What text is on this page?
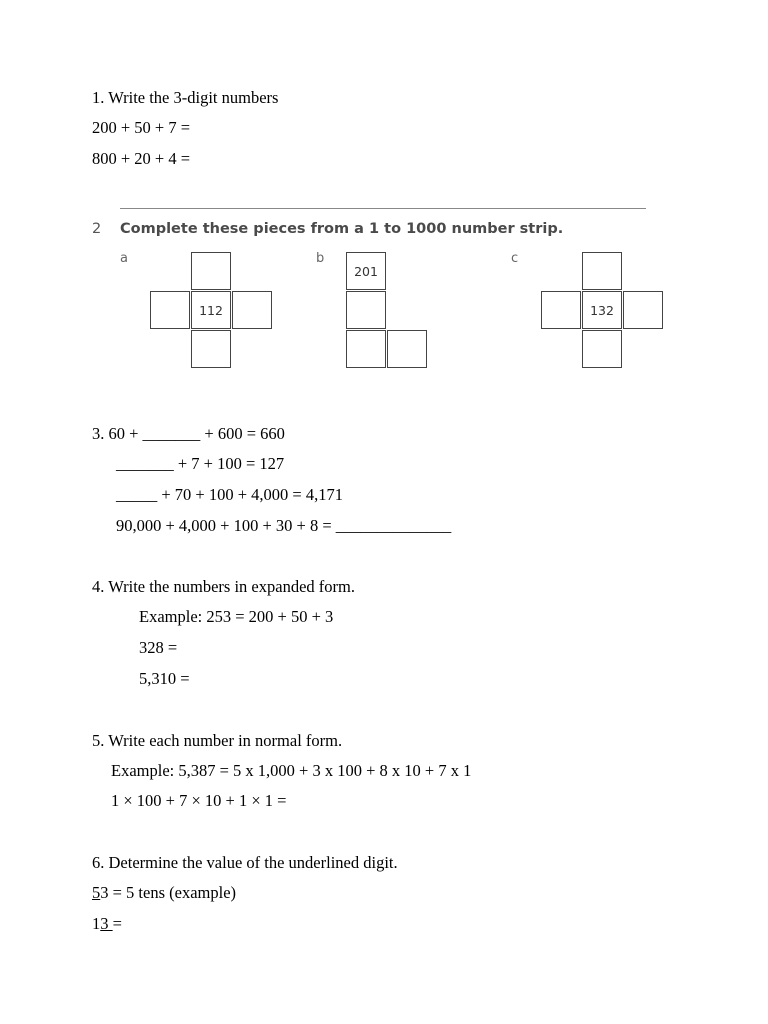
1. Write the 3-digit numbers
200 + 50 + 7 =
800 + 20 + 4 =
2 Complete these pieces from a 1 to 1000 number strip.
a
112
b
201
c
132
3. 60 + _______ + 600 = 660
_______ + 7 + 100 = 127
_____ + 70 + 100 + 4,000 = 4,171
90,000 + 4,000 + 100 + 30 + 8 = ______________
4. Write the numbers in expanded form.
Example: 253 = 200 + 50 + 3
328 =
5,310 =
5. Write each number in normal form.
Example: 5,387 = 5 x 1,000 + 3 x 100 + 8 x 10 + 7 x 1
1 × 100 + 7 × 10 + 1 × 1 =
6. Determine the value of the underlined digit.
53 = 5 tens (example)
13 =
